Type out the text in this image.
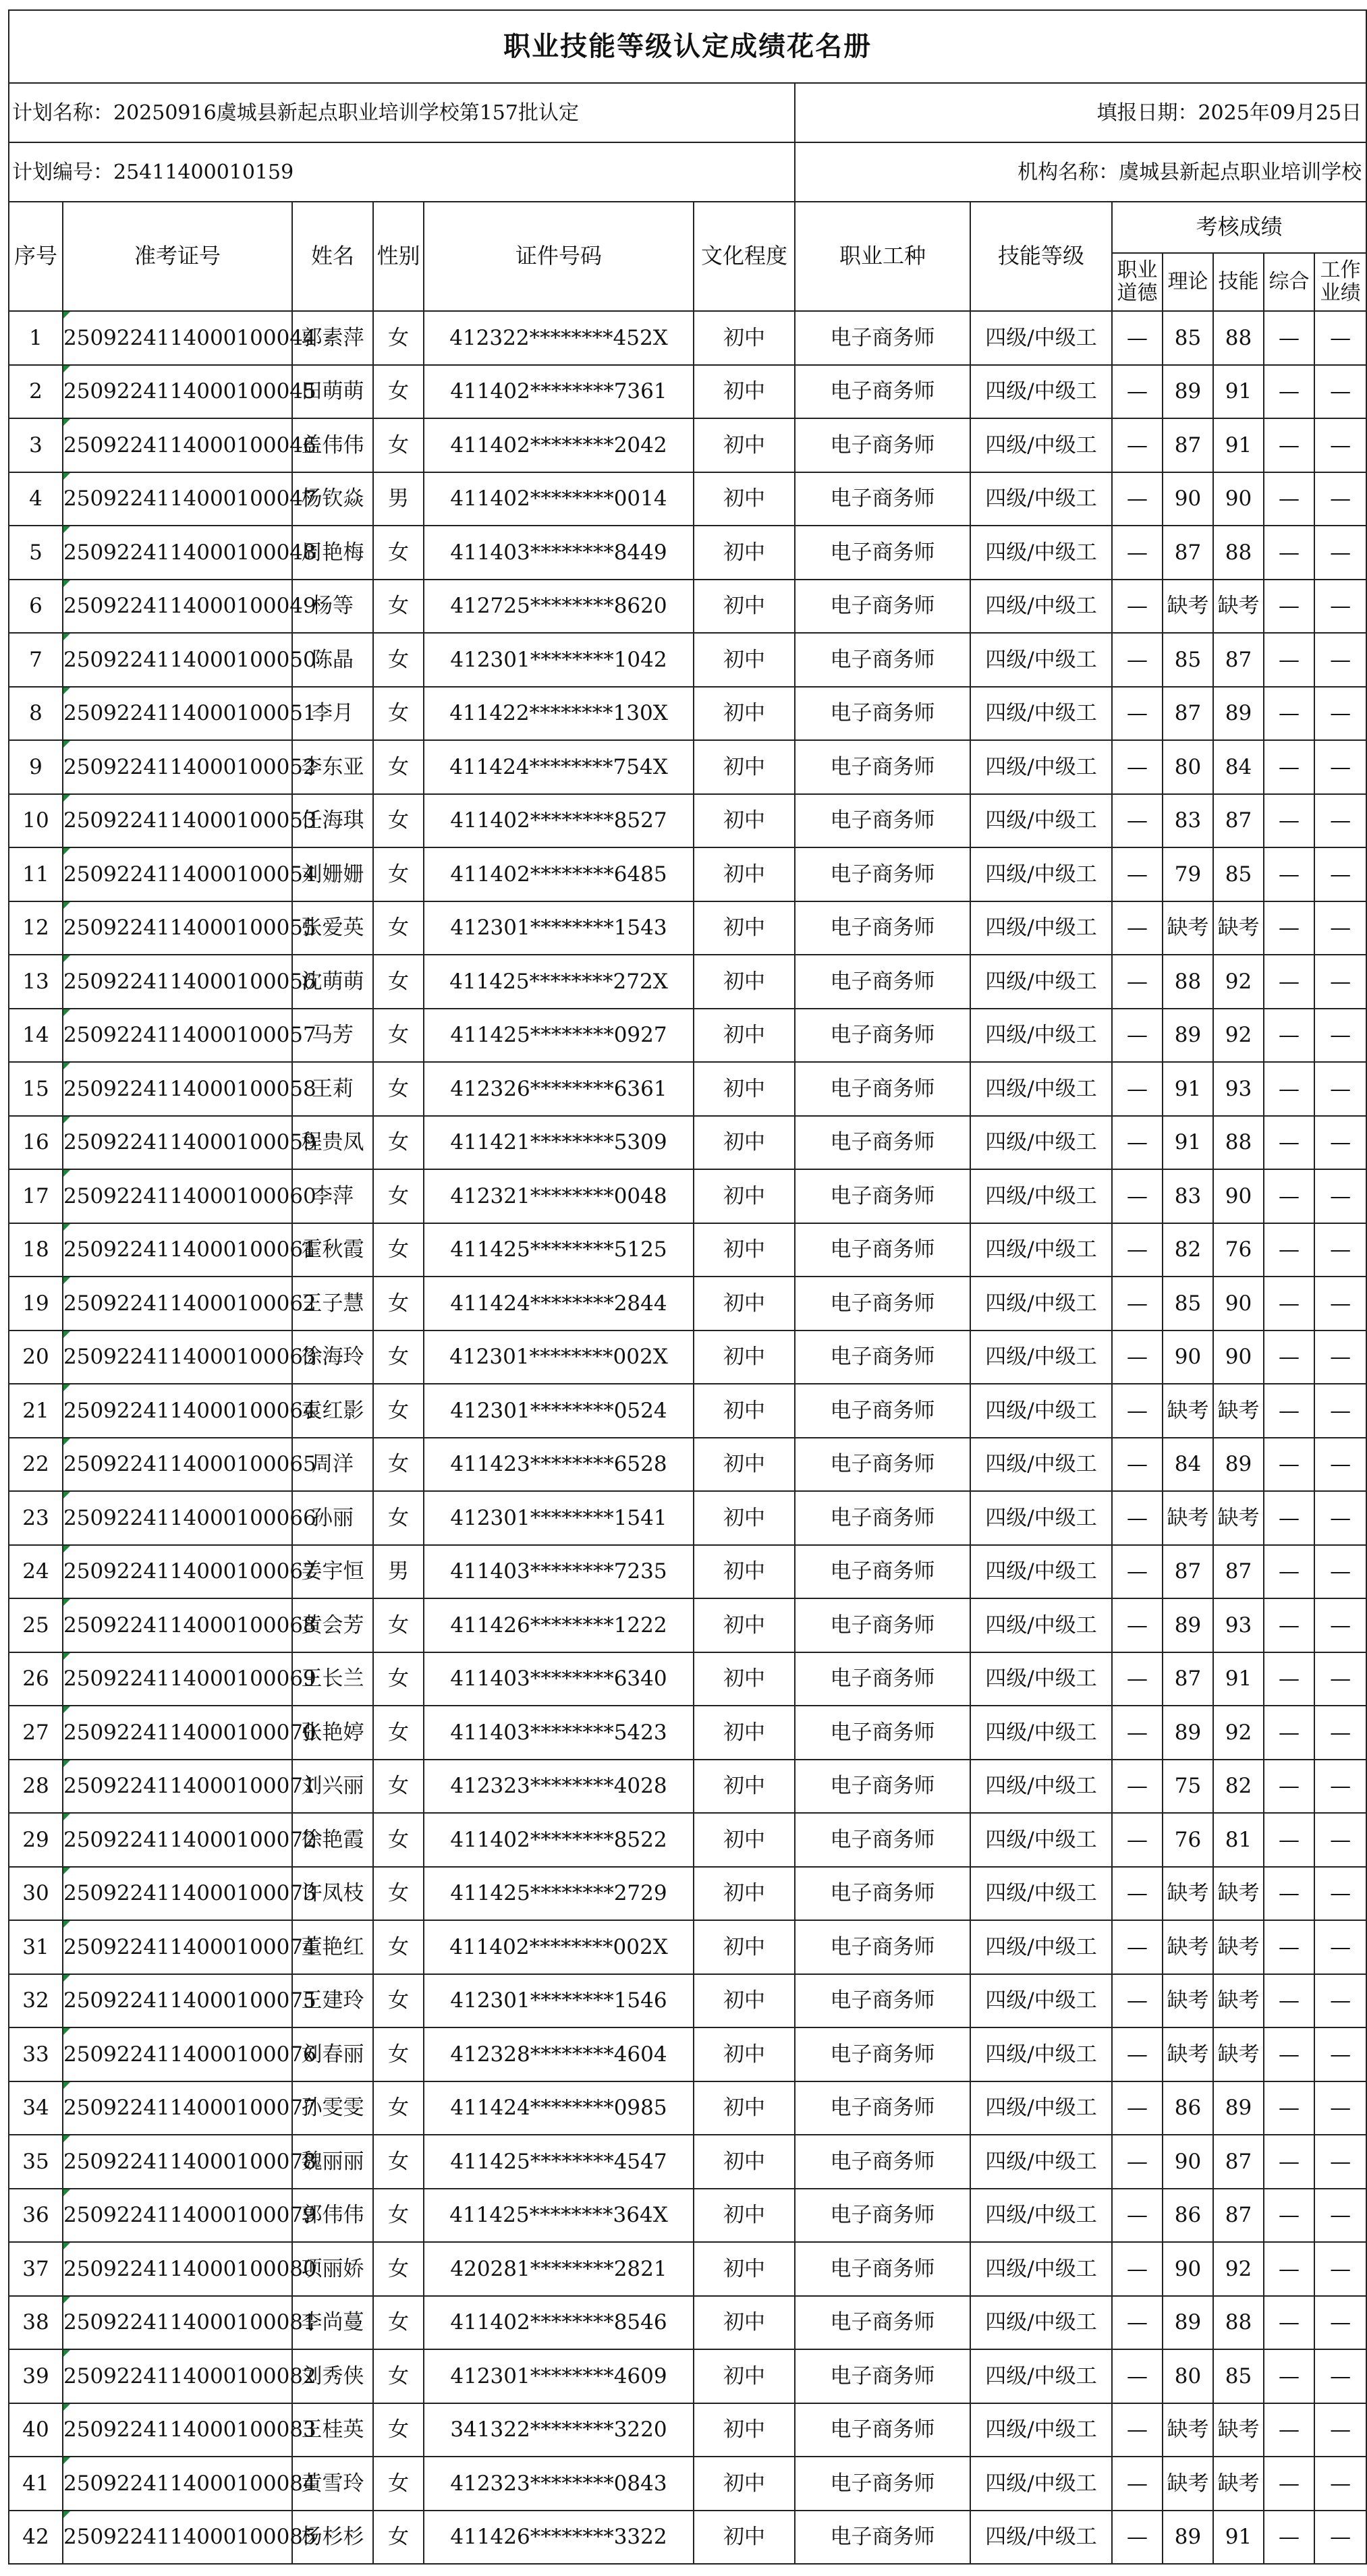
职业技能等级认定成绩花名册												
计划名称：20250916虞城县新起点职业培训学校第157批认定						填报日期：2025年09月25日						
计划编号：25411400010159						机构名称：虞城县新起点职业培训学校						
序号	准考证号	姓名	性别	证件号码	文化程度	职业工种	技能等级	考核成绩				
								职业道德	理论	技能	综合	工作业绩
1	2509224114000100044	郭素萍	女	412322********452X	初中	电子商务师	四级/中级工	—	85	88	—	—
2	2509224114000100045	田萌萌	女	411402********7361	初中	电子商务师	四级/中级工	—	89	91	—	—
3	2509224114000100046	盖伟伟	女	411402********2042	初中	电子商务师	四级/中级工	—	87	91	—	—
4	2509224114000100047	杨钦焱	男	411402********0014	初中	电子商务师	四级/中级工	—	90	90	—	—
5	2509224114000100048	周艳梅	女	411403********8449	初中	电子商务师	四级/中级工	—	87	88	—	—
6	2509224114000100049	杨等	女	412725********8620	初中	电子商务师	四级/中级工	—	缺考	缺考	—	—
7	2509224114000100050	陈晶	女	412301********1042	初中	电子商务师	四级/中级工	—	85	87	—	—
8	2509224114000100051	李月	女	411422********130X	初中	电子商务师	四级/中级工	—	87	89	—	—
9	2509224114000100052	李东亚	女	411424********754X	初中	电子商务师	四级/中级工	—	80	84	—	—
10	2509224114000100053	任海琪	女	411402********8527	初中	电子商务师	四级/中级工	—	83	87	—	—
11	2509224114000100054	刘姗姗	女	411402********6485	初中	电子商务师	四级/中级工	—	79	85	—	—
12	2509224114000100055	张爱英	女	412301********1543	初中	电子商务师	四级/中级工	—	缺考	缺考	—	—
13	2509224114000100056	沈萌萌	女	411425********272X	初中	电子商务师	四级/中级工	—	88	92	—	—
14	2509224114000100057	马芳	女	411425********0927	初中	电子商务师	四级/中级工	—	89	92	—	—
15	2509224114000100058	王莉	女	412326********6361	初中	电子商务师	四级/中级工	—	91	93	—	—
16	2509224114000100059	程贵凤	女	411421********5309	初中	电子商务师	四级/中级工	—	91	88	—	—
17	2509224114000100060	李萍	女	412321********0048	初中	电子商务师	四级/中级工	—	83	90	—	—
18	2509224114000100061	霍秋霞	女	411425********5125	初中	电子商务师	四级/中级工	—	82	76	—	—
19	2509224114000100062	王子慧	女	411424********2844	初中	电子商务师	四级/中级工	—	85	90	—	—
20	2509224114000100063	徐海玲	女	412301********002X	初中	电子商务师	四级/中级工	—	90	90	—	—
21	2509224114000100064	袁红影	女	412301********0524	初中	电子商务师	四级/中级工	—	缺考	缺考	—	—
22	2509224114000100065	周洋	女	411423********6528	初中	电子商务师	四级/中级工	—	84	89	—	—
23	2509224114000100066	孙丽	女	412301********1541	初中	电子商务师	四级/中级工	—	缺考	缺考	—	—
24	2509224114000100067	姜宇恒	男	411403********7235	初中	电子商务师	四级/中级工	—	87	87	—	—
25	2509224114000100068	黄会芳	女	411426********1222	初中	电子商务师	四级/中级工	—	89	93	—	—
26	2509224114000100069	王长兰	女	411403********6340	初中	电子商务师	四级/中级工	—	87	91	—	—
27	2509224114000100070	张艳婷	女	411403********5423	初中	电子商务师	四级/中级工	—	89	92	—	—
28	2509224114000100071	刘兴丽	女	412323********4028	初中	电子商务师	四级/中级工	—	75	82	—	—
29	2509224114000100072	徐艳霞	女	411402********8522	初中	电子商务师	四级/中级工	—	76	81	—	—
30	2509224114000100073	许凤枝	女	411425********2729	初中	电子商务师	四级/中级工	—	缺考	缺考	—	—
31	2509224114000100074	董艳红	女	411402********002X	初中	电子商务师	四级/中级工	—	缺考	缺考	—	—
32	2509224114000100075	王建玲	女	412301********1546	初中	电子商务师	四级/中级工	—	缺考	缺考	—	—
33	2509224114000100076	刘春丽	女	412328********4604	初中	电子商务师	四级/中级工	—	缺考	缺考	—	—
34	2509224114000100077	孙雯雯	女	411424********0985	初中	电子商务师	四级/中级工	—	86	89	—	—
35	2509224114000100078	魏丽丽	女	411425********4547	初中	电子商务师	四级/中级工	—	90	87	—	—
36	2509224114000100079	郭伟伟	女	411425********364X	初中	电子商务师	四级/中级工	—	86	87	—	—
37	2509224114000100080	项丽娇	女	420281********2821	初中	电子商务师	四级/中级工	—	90	92	—	—
38	2509224114000100081	李尚蔓	女	411402********8546	初中	电子商务师	四级/中级工	—	89	88	—	—
39	2509224114000100082	刘秀侠	女	412301********4609	初中	电子商务师	四级/中级工	—	80	85	—	—
40	2509224114000100083	王桂英	女	341322********3220	初中	电子商务师	四级/中级工	—	缺考	缺考	—	—
41	2509224114000100084	黄雪玲	女	412323********0843	初中	电子商务师	四级/中级工	—	缺考	缺考	—	—
42	2509224114000100085	杨杉杉	女	411426********3322	初中	电子商务师	四级/中级工	—	89	91	—	—
